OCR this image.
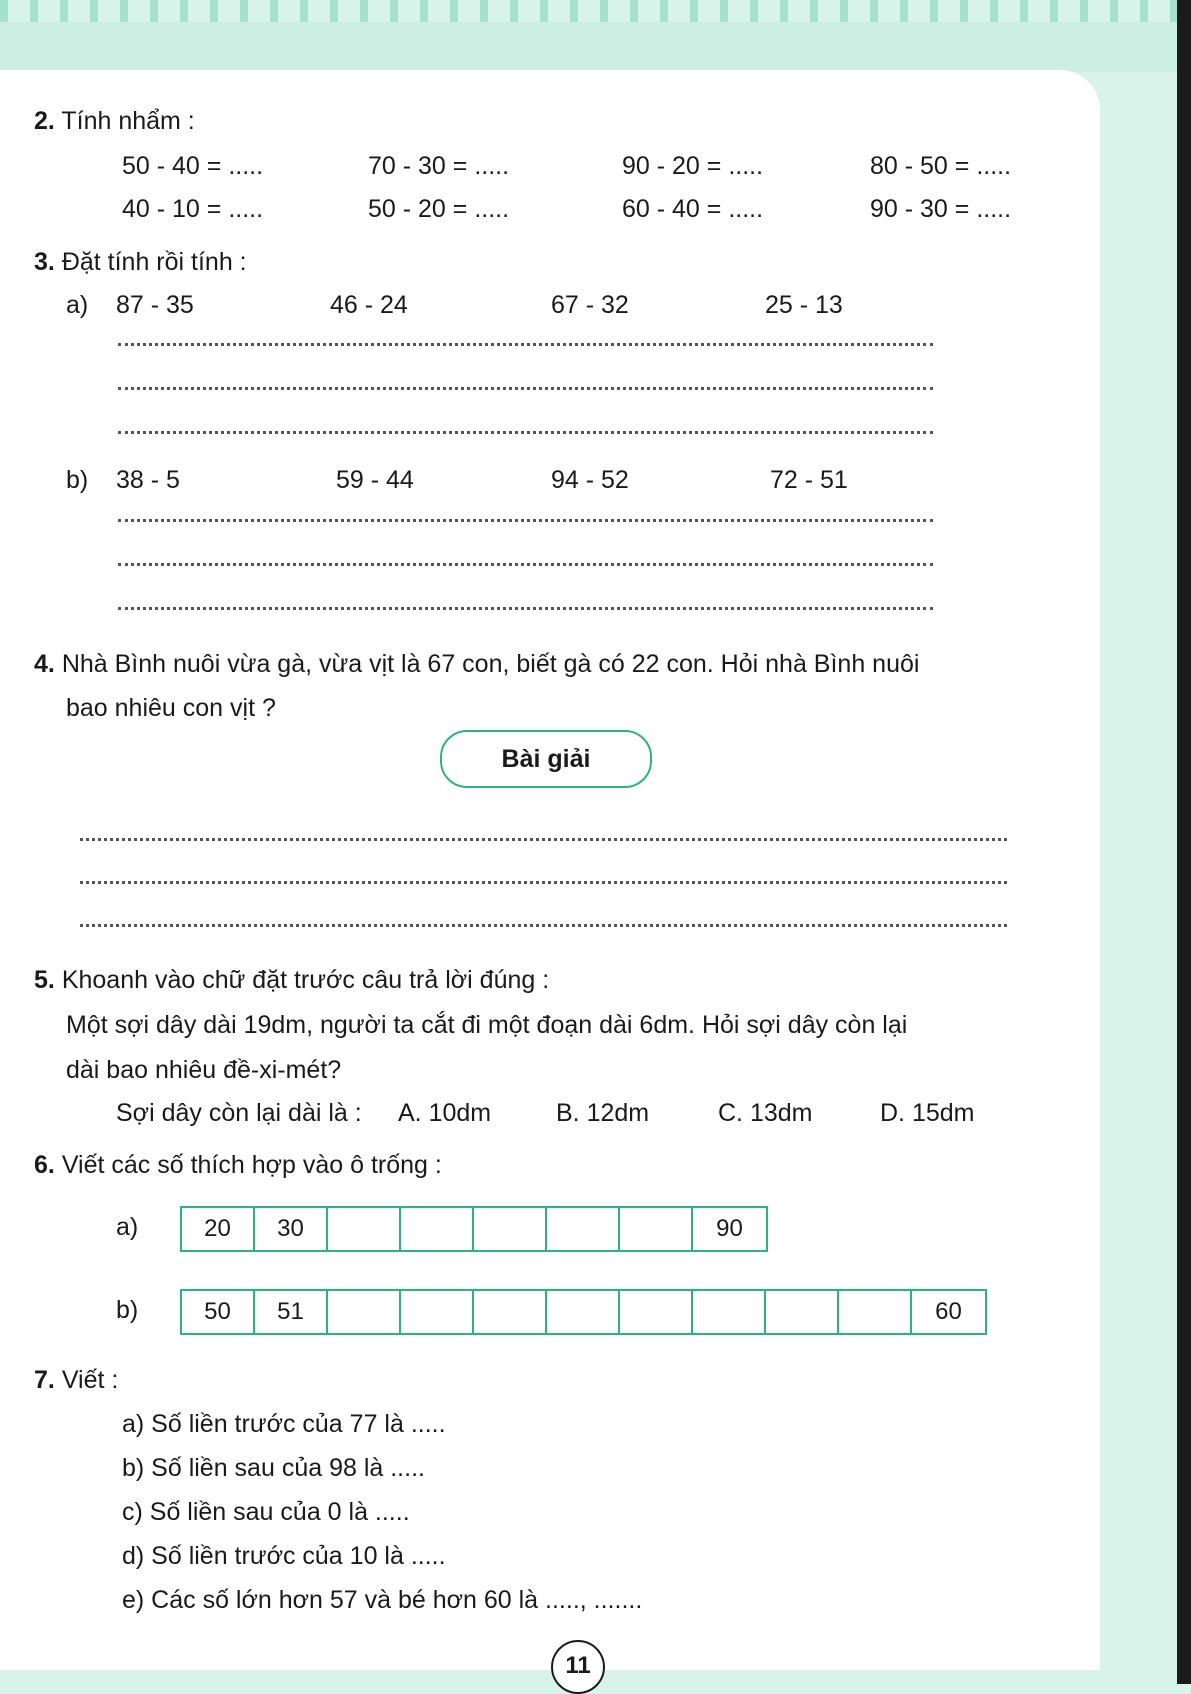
2. Tính nhẩm :
50 - 40 = .....	70 - 30 = .....	90 - 20 = .....	80 - 50 = .....
40 - 10 = .....	50 - 20 = .....	60 - 40 = .....	90 - 30 = .....
3. Đặt tính rồi tính :
a) 87 - 35	46 - 24	67 - 32	25 - 13
b) 38 - 5	59 - 44	94 - 52	72 - 51
4. Nhà Bình nuôi vừa gà, vừa vịt là 67 con, biết gà có 22 con. Hỏi nhà Bình nuôi
bao nhiêu con vịt ?
Bài giải
5. Khoanh vào chữ đặt trước câu trả lời đúng :
Một sợi dây dài 19dm, người ta cắt đi một đoạn dài 6dm. Hỏi sợi dây còn lại
dài bao nhiêu đề-xi-mét?
Sợi dây còn lại dài là : A. 10dm	B. 12dm	C. 13dm	D. 15dm
6. Viết các số thích hợp vào ô trống :
a)	20	30	90
b)	50	51	60
7. Viết :
a) Số liền trước của 77 là .....
b) Số liền sau của 98 là .....
c) Số liền sau của 0 là .....
d) Số liền trước của 10 là .....
e) Các số lớn hơn 57 và bé hơn 60 là ....., .......
11
